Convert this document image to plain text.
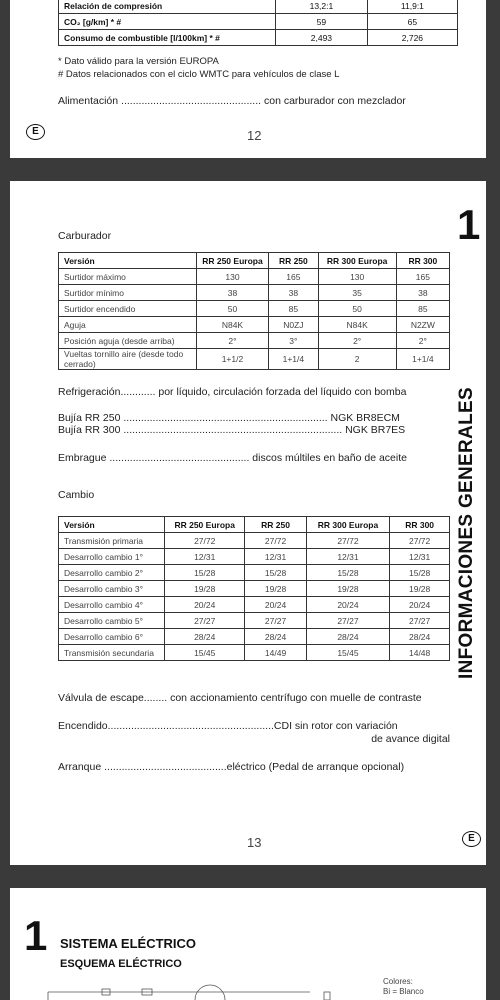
Relación de compresión	13,2:1	11,9:1
CO₂ [g/km] * #	59	65
Consumo de combustible [l/100km] * #	2,493	2,726
* Dato válido para la versión EUROPA
# Datos relacionados con el ciclo WMTC para vehículos de clase L
Alimentación ................................................ con carburador con mezclador
E	12
1
INFORMACIONES GENERALES
Carburador
Versión	RR 250 Europa	RR 250	RR 300 Europa	RR 300
Surtidor máximo	130	165	130	165
Surtidor mínimo	38	38	35	38
Surtidor encendido	50	85	50	85
Aguja	N84K	N0ZJ	N84K	N2ZW
Posición aguja (desde arriba)	2°	3°	2°	2°
Vueltas tornillo aire (desde todo cerrado)	1+1/2	1+1/4	2	1+1/4
Refrigeración............ por líquido, circulación forzada del líquido con bomba
Bujía RR 250 ...................................................................... NGK BR8ECM
Bujía RR 300 ........................................................................... NGK BR7ES
Embrague ................................................ discos múltiles en baño de aceite
Cambio
Versión	RR 250 Europa	RR 250	RR 300 Europa	RR 300
Transmisión primaria	27/72	27/72	27/72	27/72
Desarrollo cambio 1°	12/31	12/31	12/31	12/31
Desarrollo cambio 2°	15/28	15/28	15/28	15/28
Desarrollo cambio 3°	19/28	19/28	19/28	19/28
Desarrollo cambio 4°	20/24	20/24	20/24	20/24
Desarrollo cambio 5°	27/27	27/27	27/27	27/27
Desarrollo cambio 6°	28/24	28/24	28/24	28/24
Transmisión secundaria	15/45	14/49	15/45	14/48
Válvula de escape........ con accionamiento centrífugo con muelle de contraste
Encendido.........................................................CDI sin rotor con variación
de avance digital
Arranque ..........................................eléctrico (Pedal de arranque opcional)
13	E
1 SISTEMA ELÉCTRICO
ESQUEMA ELÉCTRICO
Colores:
Bi = Blanco
